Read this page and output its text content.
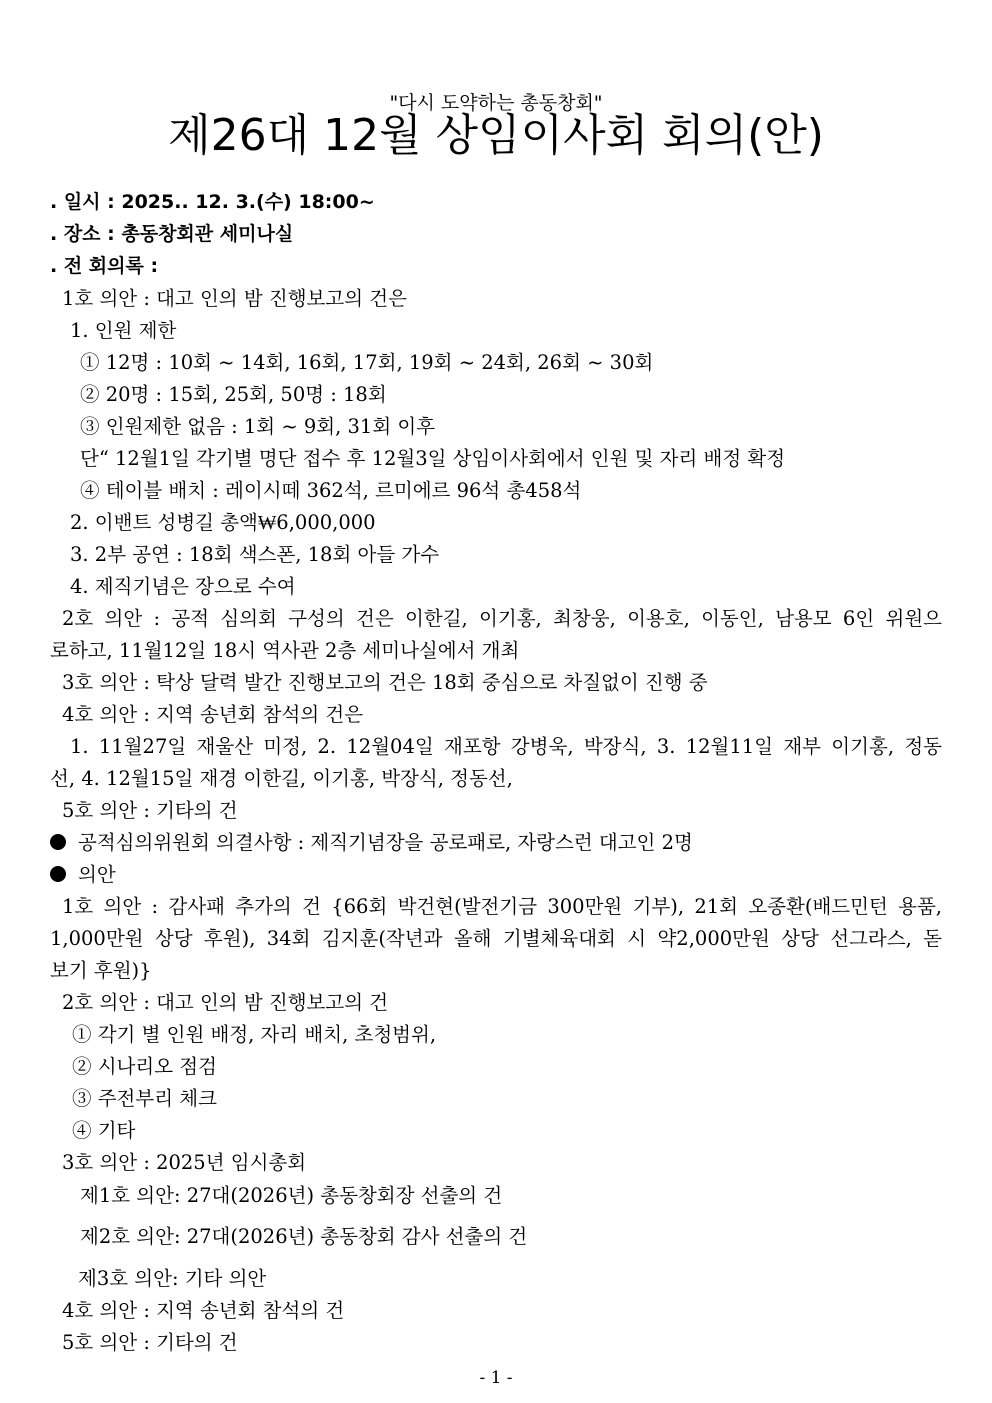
"다시 도약하는 총동창회"
제26대 12월 상임이사회 회의(안)
. 일시 : 2025.. 12. 3.(수) 18:00~
. 장소 : 총동창회관 세미나실
. 전 회의록 :
1호 의안 : 대고 인의 밤 진행보고의 건은
1. 인원 제한
① 12명 : 10회 ~ 14회, 16회, 17회, 19회 ~ 24회, 26회 ~ 30회
② 20명 : 15회, 25회, 50명 : 18회
③ 인원제한 없음 : 1회 ~ 9회, 31회 이후
단“ 12월1일 각기별 명단 접수 후 12월3일 상임이사회에서 인원 및 자리 배정 확정
④ 테이블 배치 : 레이시떼 362석, 르미에르 96석 총458석
2. 이밴트 성병길 총액₩6,000,000
3. 2부 공연 : 18회 색스폰, 18회 아들 가수
4. 제직기념은 장으로 수여
2호 의안 : 공적 심의회 구성의 건은 이한길, 이기홍, 최창웅, 이용호, 이동인, 남용모 6인 위원으
로하고, 11월12일 18시 역사관 2층 세미나실에서 개최
3호 의안 : 탁상 달력 발간 진행보고의 건은 18회 중심으로 차질없이 진행 중
4호 의안 : 지역 송년회 참석의 건은
1. 11월27일 재울산 미정, 2. 12월04일 재포항 강병욱, 박장식, 3. 12월11일 재부 이기홍, 정동
선, 4. 12월15일 재경 이한길, 이기홍, 박장식, 정동선,
5호 의안 : 기타의 건
공적심의위원회 의결사항 : 제직기념장을 공로패로, 자랑스런 대고인 2명
의안
1호 의안 : 감사패 추가의 건 {66회 박건현(발전기금 300만원 기부), 21회 오종환(배드민턴 용품,
1,000만원 상당 후원), 34회 김지훈(작년과 올해 기별체육대회 시 약2,000만원 상당 선그라스, 돋
보기 후원)}
2호 의안 : 대고 인의 밤 진행보고의 건
① 각기 별 인원 배정, 자리 배치, 초청범위,
② 시나리오 점검
③ 주전부리 체크
④ 기타
3호 의안 : 2025년 임시총회
제1호 의안: 27대(2026년) 총동창회장 선출의 건
제2호 의안: 27대(2026년) 총동창회 감사 선출의 건
제3호 의안: 기타 의안
4호 의안 : 지역 송년회 참석의 건
5호 의안 : 기타의 건
- 1 -
